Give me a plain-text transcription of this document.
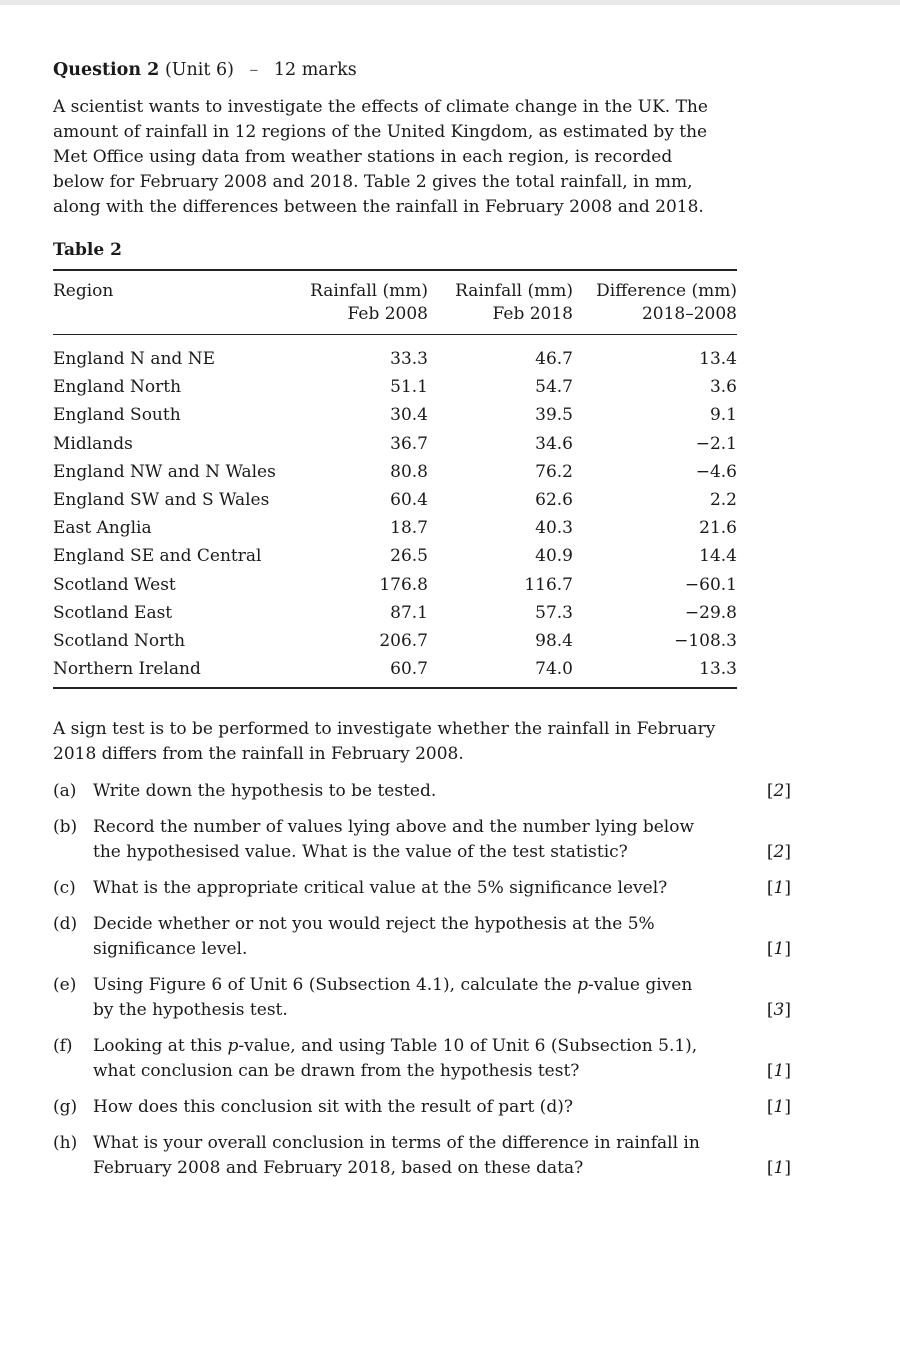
Question 2 (Unit 6) – 12 marks

A scientist wants to investigate the effects of climate change in the UK. The amount of rainfall in 12 regions of the United Kingdom, as estimated by the Met Office using data from weather stations in each region, is recorded below for February 2008 and 2018. Table 2 gives the total rainfall, in mm, along with the differences between the rainfall in February 2008 and 2018.

Table 2
Region	Rainfall (mm)	Rainfall (mm)	Difference (mm)
	Feb 2008	Feb 2018	2018–2008
England N and NE	33.3	46.7	13.4
England North	51.1	54.7	3.6
England South	30.4	39.5	9.1
Midlands	36.7	34.6	−2.1
England NW and N Wales	80.8	76.2	−4.6
England SW and S Wales	60.4	62.6	2.2
East Anglia	18.7	40.3	21.6
England SE and Central	26.5	40.9	14.4
Scotland West	176.8	116.7	−60.1
Scotland East	87.1	57.3	−29.8
Scotland North	206.7	98.4	−108.3
Northern Ireland	60.7	74.0	13.3

A sign test is to be performed to investigate whether the rainfall in February 2018 differs from the rainfall in February 2008.

(a) Write down the hypothesis to be tested.	[2]
(b) Record the number of values lying above and the number lying below the hypothesised value. What is the value of the test statistic?	[2]
(c)	What is the appropriate critical value at the 5% significance level?	[1]
(d) Decide whether or not you would reject the hypothesis at the 5% significance level.	[1]
(e) Using Figure 6 of Unit 6 (Subsection 4.1), calculate the p-value given by the hypothesis test.	[3]
(f)	Looking at this p-value, and using Table 10 of Unit 6 (Subsection 5.1), what conclusion can be drawn from the hypothesis test?	[1]
(g) How does this conclusion sit with the result of part (d)?	[1]
(h) What is your overall conclusion in terms of the difference in rainfall in February 2008 and February 2018, based on these data?	[1]
